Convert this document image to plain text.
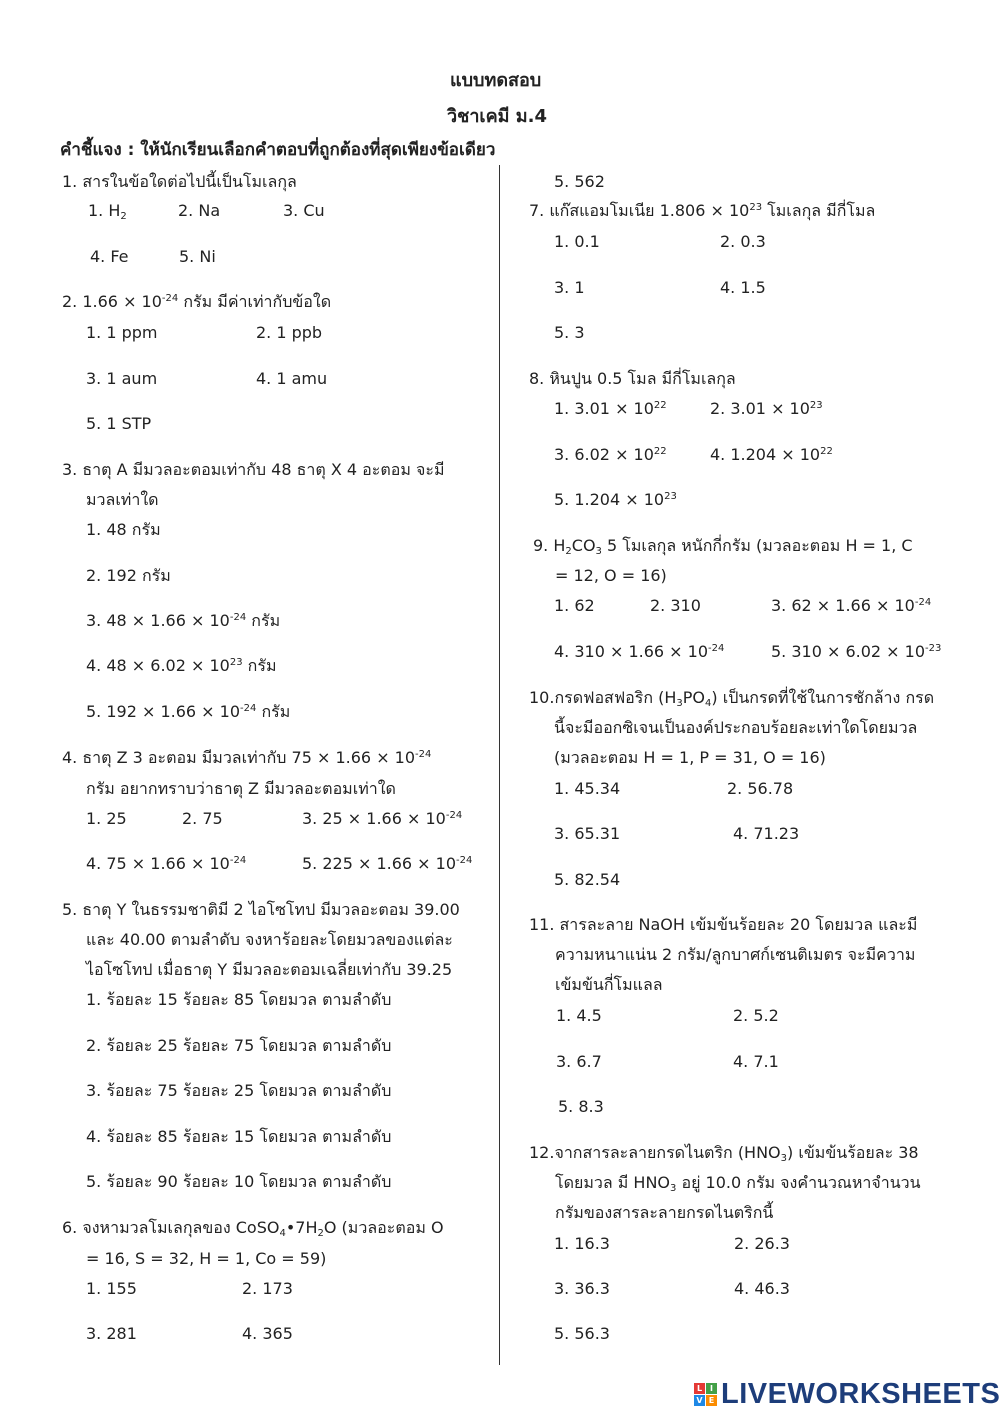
แบบทดสอบ
วิชาเคมี ม.4
คำชี้แจง : ให้นักเรียนเลือกคำตอบที่ถูกต้องที่สุดเพียงข้อเดียว
1. สารในข้อใดต่อไปนี้เป็นโมเลกุล
1. $H_2$	2. Na	3. Cu
4. Fe	5. Ni
2. $1.66 \times 10^{-24}$ กรัม มีค่าเท่ากับข้อใด
1. 1 ppm	2. 1 ppb
3. 1 aum	4. 1 amu
5. 1 STP
3. ธาตุ A มีมวลอะตอมเท่ากับ 48 ธาตุ X 4 อะตอม จะมี
มวลเท่าใด
1. 48 กรัม
2. 192 กรัม
3. $48 \times 1.66 \times 10^{-24}$ กรัม
4. $48 \times 6.02 \times 10^{23}$ กรัม
5. $192 \times 1.66 \times 10^{-24}$ กรัม
4. ธาตุ Z 3 อะตอม มีมวลเท่ากับ $75 \times 1.66 \times 10^{-24}$
กรัม อยากทราบว่าธาตุ Z มีมวลอะตอมเท่าใด
1. 25	2. 75	3. $25 \times 1.66 \times 10^{-24}$
4. $75 \times 1.66 \times 10^{-24}$	5. $225 \times 1.66 \times 10^{-24}$
5. ธาตุ Y ในธรรมชาติมี 2 ไอโซโทป มีมวลอะตอม 39.00
และ 40.00 ตามลำดับ จงหาร้อยละโดยมวลของแต่ละ
ไอโซโทป เมื่อธาตุ Y มีมวลอะตอมเฉลี่ยเท่ากับ 39.25
1. ร้อยละ 15 ร้อยละ 85 โดยมวล ตามลำดับ
2. ร้อยละ 25 ร้อยละ 75 โดยมวล ตามลำดับ
3. ร้อยละ 75 ร้อยละ 25 โดยมวล ตามลำดับ
4. ร้อยละ 85 ร้อยละ 15 โดยมวล ตามลำดับ
5. ร้อยละ 90 ร้อยละ 10 โดยมวล ตามลำดับ
6. จงหามวลโมเลกุลของ $CoSO_4•7H_2O$ (มวลอะตอม O
= 16, S = 32, H = 1, Co = 59)
1. 155	2. 173
3. 281	4. 365
5. 562
7. แก๊สแอมโมเนีย $1.806 \times 10^{23}$ โมเลกุล มีกี่โมล
1. 0.1	2. 0.3
3. 1	4. 1.5
5. 3
8. หินปูน 0.5 โมล มีกี่โมเลกุล
1. $3.01 \times 10^{22}$	2. $3.01 \times 10^{23}$
3. $6.02 \times 10^{22}$	4. $1.204 \times 10^{22}$
5. $1.204 \times 10^{23}$
9. $H_2CO_3$ 5 โมเลกุล หนักกี่กรัม (มวลอะตอม H = 1, C
= 12, O = 16)
1. 62	2. 310	3. $62 \times 1.66 \times 10^{-24}$
4. $310 \times 1.66 \times 10^{-24}$	5. $310 \times 6.02 \times 10^{-23}$
10.กรดฟอสฟอริก $(H_3PO_4)$ เป็นกรดที่ใช้ในการชักล้าง กรด
นี้จะมีออกซิเจนเป็นองค์ประกอบร้อยละเท่าใดโดยมวล
(มวลอะตอม H = 1, P = 31, O = 16)
1. 45.34	2. 56.78
3. 65.31	4. 71.23
5. 82.54
11. สารละลาย NaOH เข้มข้นร้อยละ 20 โดยมวล และมี
ความหนาแน่น 2 กรัม/ลูกบาศก์เซนติเมตร จะมีความ
เข้มข้นกี่โมแลล
1. 4.5	2. 5.2
3. 6.7	4. 7.1
5. 8.3
12.จากสารละลายกรดไนตริก $(HNO_3)$ เข้มข้นร้อยละ 38
โดยมวล มี $HNO_3$ อยู่ 10.0 กรัม จงคำนวณหาจำนวน
กรัมของสารละลายกรดไนตริกนี้
1. 16.3	2. 26.3
3. 36.3	4. 46.3
5. 56.3
L I
V E LIVEWORKSHEETS
